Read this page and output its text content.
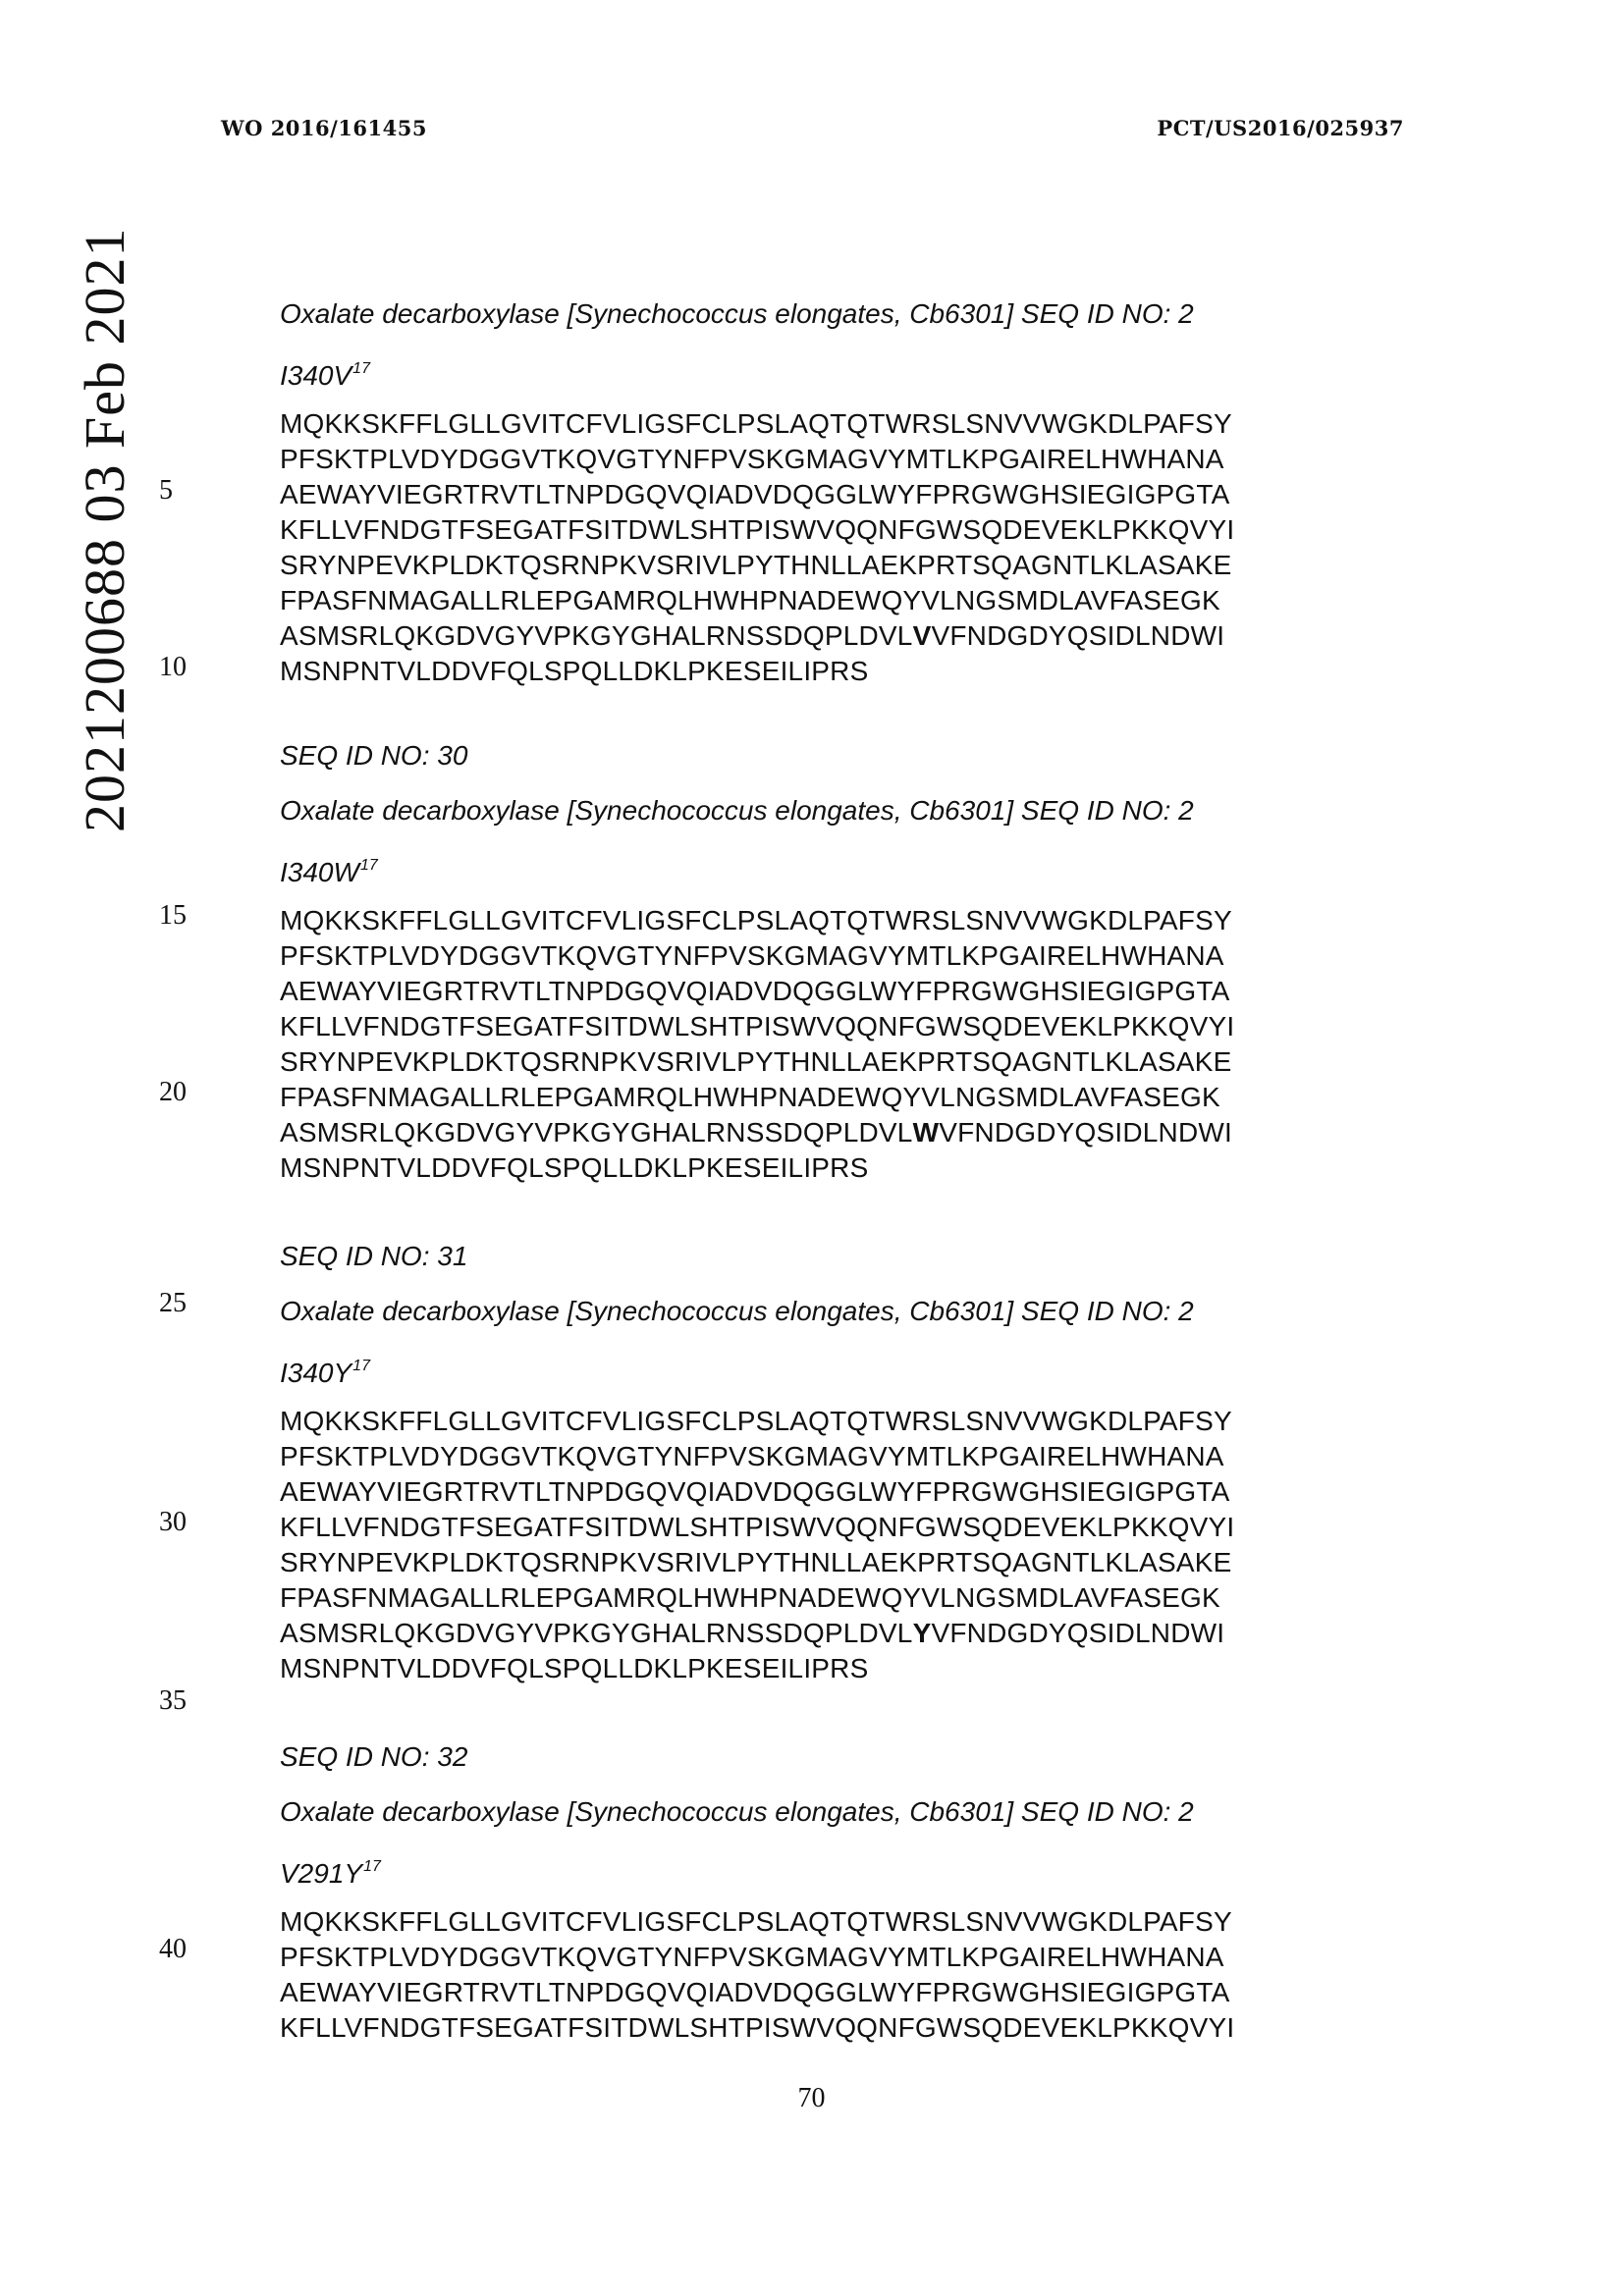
WO 2016/161455	PCT/US2016/025937
2021200688 03 Feb 2021 5
10
15
20
25
30
35
40
Oxalate decarboxylase [Synechococcus elongates, Cb6301] SEQ ID NO: 2
$I340V^{17}$
MQKKSKFFLGLLGVITCFVLIGSFCLPSLAQTQTWRSLSNVVWGKDLPAFSY
PFSKTPLVDYDGGVTKQVGTYNFPVSKGMAGVYMTLKPGAIRELHWHANA
AEWAYVIEGRTRVTLTNPDGQVQIADVDQGGLWYFPRGWGHSIEGIGPGTA
KFLLVFNDGTFSEGATFSITDWLSHTPISWVQQNFGWSQDEVEKLPKKQVYI
SRYNPEVKPLDKTQSRNPKVSRIVLPYTHNLLAEKPRTSQAGNTLKLASAKE
FPASFNMAGALLRLEPGAMRQLHWHPNADEWQYVLNGSMDLAVFASEGK
ASMSRLQKGDVGYVPKGYGHALRNSSDQPLDVLVVFNDGDYQSIDLNDWI
MSNPNTVLDDVFQLSPQLLDKLPKESEILIPRS
SEQ ID NO: 30
Oxalate decarboxylase [Synechococcus elongates, Cb6301] SEQ ID NO: 2
$I340W^{17}$
MQKKSKFFLGLLGVITCFVLIGSFCLPSLAQTQTWRSLSNVVWGKDLPAFSY
PFSKTPLVDYDGGVTKQVGTYNFPVSKGMAGVYMTLKPGAIRELHWHANA
AEWAYVIEGRTRVTLTNPDGQVQIADVDQGGLWYFPRGWGHSIEGIGPGTA
KFLLVFNDGTFSEGATFSITDWLSHTPISWVQQNFGWSQDEVEKLPKKQVYI
SRYNPEVKPLDKTQSRNPKVSRIVLPYTHNLLAEKPRTSQAGNTLKLASAKE
FPASFNMAGALLRLEPGAMRQLHWHPNADEWQYVLNGSMDLAVFASEGK
ASMSRLQKGDVGYVPKGYGHALRNSSDQPLDVLWVFNDGDYQSIDLNDWI
MSNPNTVLDDVFQLSPQLLDKLPKESEILIPRS
SEQ ID NO: 31
Oxalate decarboxylase [Synechococcus elongates, Cb6301] SEQ ID NO: 2
$I340Y^{17}$
MQKKSKFFLGLLGVITCFVLIGSFCLPSLAQTQTWRSLSNVVWGKDLPAFSY
PFSKTPLVDYDGGVTKQVGTYNFPVSKGMAGVYMTLKPGAIRELHWHANA
AEWAYVIEGRTRVTLTNPDGQVQIADVDQGGLWYFPRGWGHSIEGIGPGTA
KFLLVFNDGTFSEGATFSITDWLSHTPISWVQQNFGWSQDEVEKLPKKQVYI
SRYNPEVKPLDKTQSRNPKVSRIVLPYTHNLLAEKPRTSQAGNTLKLASAKE
FPASFNMAGALLRLEPGAMRQLHWHPNADEWQYVLNGSMDLAVFASEGK
ASMSRLQKGDVGYVPKGYGHALRNSSDQPLDVLYVFNDGDYQSIDLNDWI
MSNPNTVLDDVFQLSPQLLDKLPKESEILIPRS
SEQ ID NO: 32
Oxalate decarboxylase [Synechococcus elongates, Cb6301] SEQ ID NO: 2
$V291Y^{17}$
MQKKSKFFLGLLGVITCFVLIGSFCLPSLAQTQTWRSLSNVVWGKDLPAFSY
PFSKTPLVDYDGGVTKQVGTYNFPVSKGMAGVYMTLKPGAIRELHWHANA
AEWAYVIEGRTRVTLTNPDGQVQIADVDQGGLWYFPRGWGHSIEGIGPGTA
KFLLVFNDGTFSEGATFSITDWLSHTPISWVQQNFGWSQDEVEKLPKKQVYI
70
